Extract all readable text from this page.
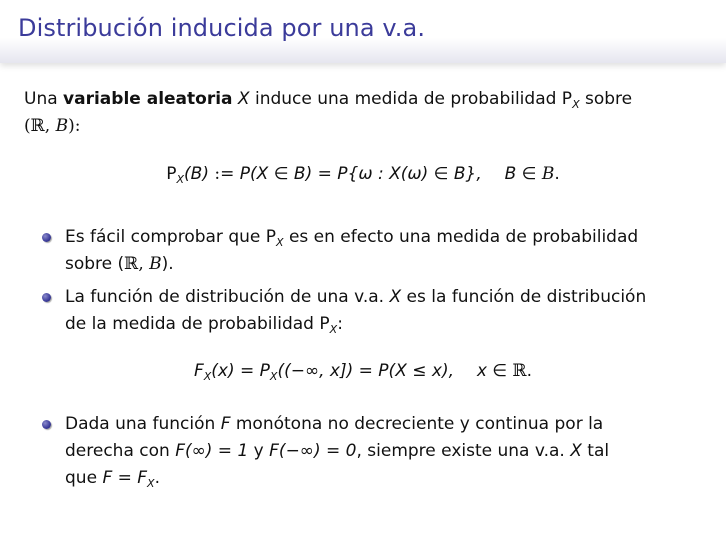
Distribución inducida por una v.a.
Una variable aleatoria X induce una medida de probabilidad $P_X$ sobre
(ℝ, B):
$P_X(B)$ := P(X ∈ B) = P{ω : X(ω) ∈ B}, B ∈ B.
Es fácil comprobar que $P_X$ es en efecto una medida de probabilidad
sobre (ℝ, B).
La función de distribución de una v.a. X es la función de distribución
de la medida de probabilidad $P_X$:
$F_X(x) = P_X((-\infty$, x]) = P(X ≤ x), x ∈ ℝ.
Dada una función F monótona no decreciente y continua por la
derecha con F(∞) = 1 y F(−∞) = 0, siempre existe una v.a. X tal
que $F = F_X$.
